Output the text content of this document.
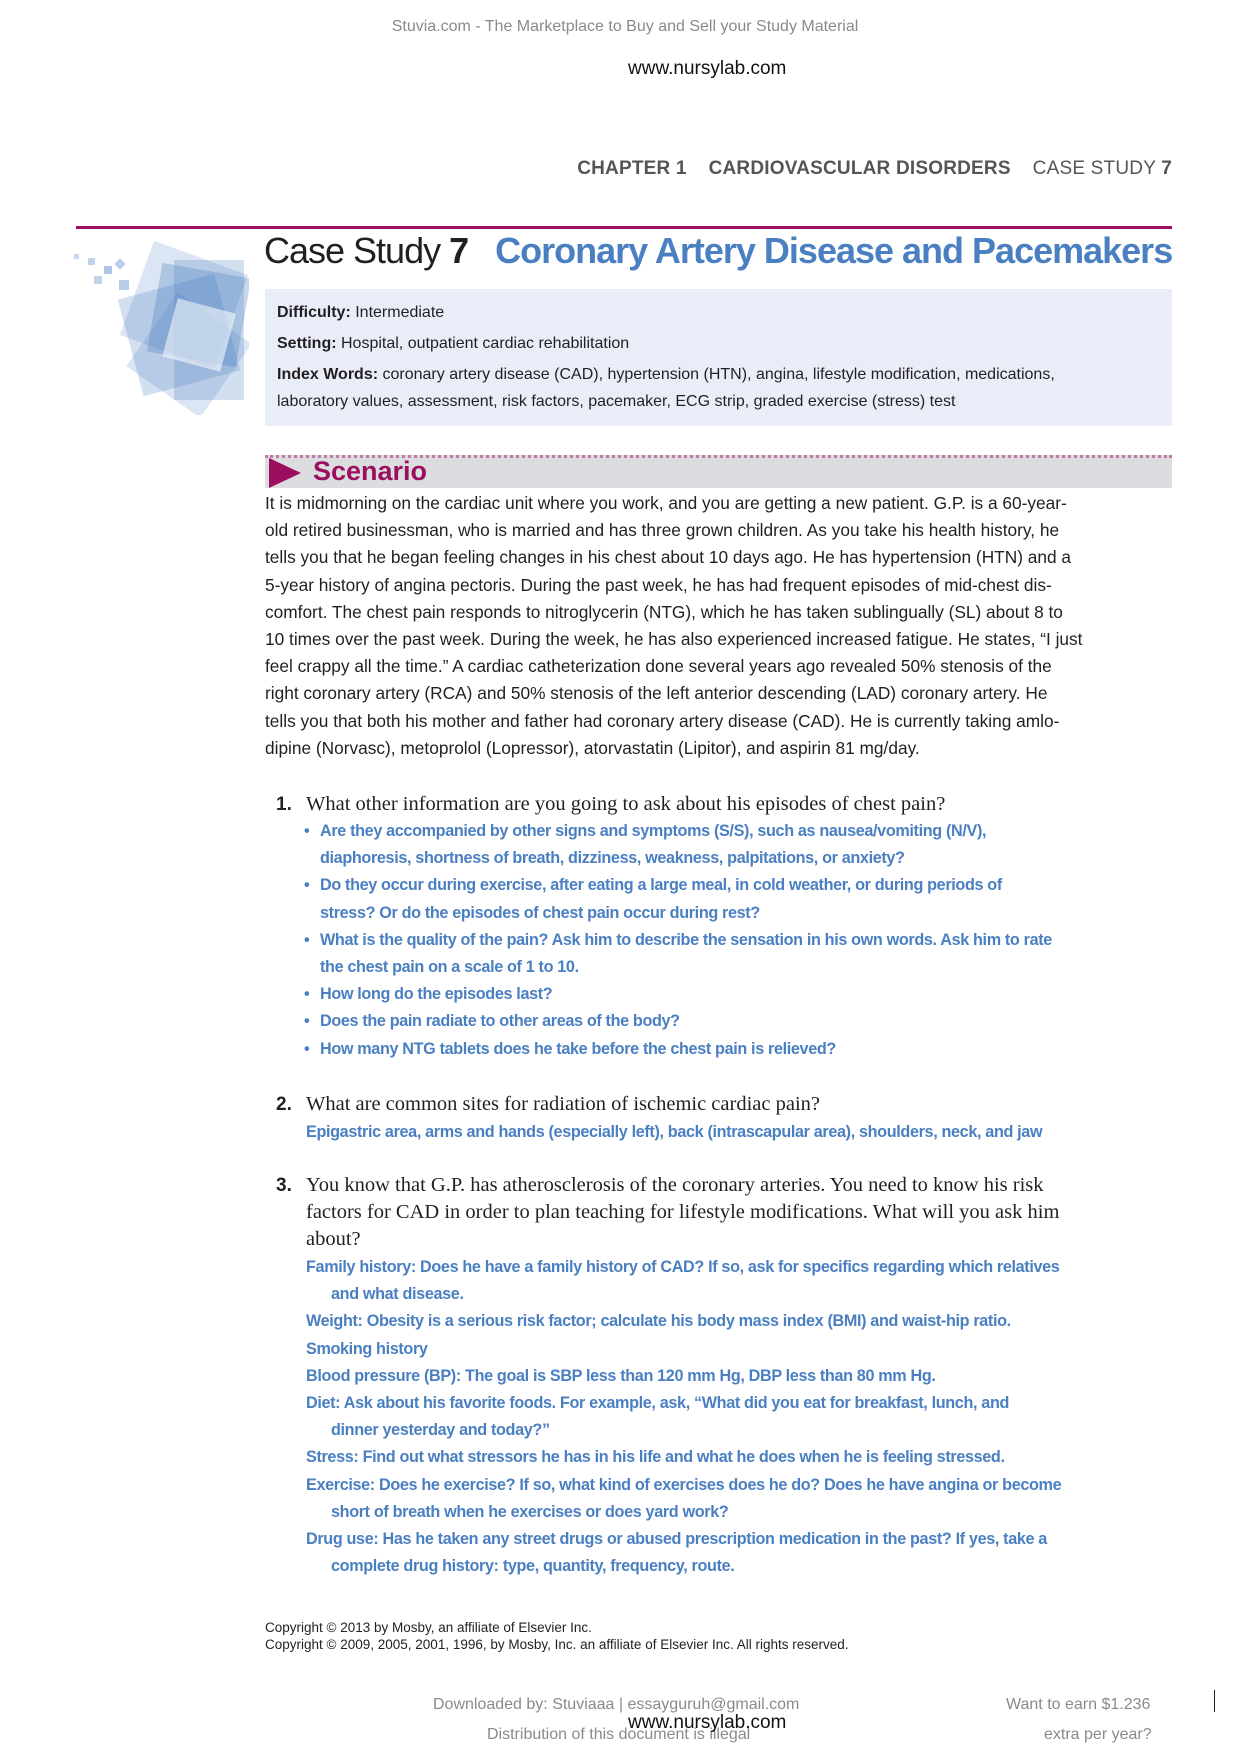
Stuvia.com - The Marketplace to Buy and Sell your Study Material
www.nursylab.com
CHAPTER 1 CARDIOVASCULAR DISORDERS CASE STUDY 7
Case Study 7 Coronary Artery Disease and Pacemakers

Difficulty: Intermediate

Setting: Hospital, outpatient cardiac rehabilitation

Index Words: coronary artery disease (CAD), hypertension (HTN), angina, lifestyle modification, medications,

laboratory values, assessment, risk factors, pacemaker, ECG strip, graded exercise (stress) test

Scenario
It is midmorning on the cardiac unit where you work, and you are getting a new patient. G.P. is a 60-year-
old retired businessman, who is married and has three grown children. As you take his health history, he
tells you that he began feeling changes in his chest about 10 days ago. He has hypertension (HTN) and a
5-year history of angina pectoris. During the past week, he has had frequent episodes of mid-chest dis-
comfort. The chest pain responds to nitroglycerin (NTG), which he has taken sublingually (SL) about 8 to
10 times over the past week. During the week, he has also experienced increased fatigue. He states, “I just
feel crappy all the time.” A cardiac catheterization done several years ago revealed 50% stenosis of the
right coronary artery (RCA) and 50% stenosis of the left anterior descending (LAD) coronary artery. He
tells you that both his mother and father had coronary artery disease (CAD). He is currently taking amlo-
dipine (Norvasc), metoprolol (Lopressor), atorvastatin (Lipitor), and aspirin 81 mg/day.
1. What other information are you going to ask about his episodes of chest pain?
• Are they accompanied by other signs and symptoms (S/S), such as nausea/vomiting (N/V),
diaphoresis, shortness of breath, dizziness, weakness, palpitations, or anxiety?
• Do they occur during exercise, after eating a large meal, in cold weather, or during periods of
stress? Or do the episodes of chest pain occur during rest?
• What is the quality of the pain? Ask him to describe the sensation in his own words. Ask him to rate
the chest pain on a scale of 1 to 10.
• How long do the episodes last?
• Does the pain radiate to other areas of the body?
• How many NTG tablets does he take before the chest pain is relieved?
2. What are common sites for radiation of ischemic cardiac pain?
Epigastric area, arms and hands (especially left), back (intrascapular area), shoulders, neck, and jaw
3. You know that G.P. has atherosclerosis of the coronary arteries. You need to know his risk
factors for CAD in order to plan teaching for lifestyle modifications. What will you ask him
about?
Family history: Does he have a family history of CAD? If so, ask for specifics regarding which relatives
and what disease.
Weight: Obesity is a serious risk factor; calculate his body mass index (BMI) and waist-hip ratio.
Smoking history
Blood pressure (BP): The goal is SBP less than 120 mm Hg, DBP less than 80 mm Hg.
Diet: Ask about his favorite foods. For example, ask, “What did you eat for breakfast, lunch, and
dinner yesterday and today?”
Stress: Find out what stressors he has in his life and what he does when he is feeling stressed.
Exercise: Does he exercise? If so, what kind of exercises does he do? Does he have angina or become
short of breath when he exercises or does yard work?
Drug use: Has he taken any street drugs or abused prescription medication in the past? If yes, take a
complete drug history: type, quantity, frequency, route.
Copyright © 2013 by Mosby, an affiliate of Elsevier Inc.
Copyright © 2009, 2005, 2001, 1996, by Mosby, Inc. an affiliate of Elsevier Inc. All rights reserved.
Downloaded by: Stuviaaa | essayguruh@gmail.com
Distribution of this document is illegal
www.nursylab.com
Want to earn $1.236
extra per year?
